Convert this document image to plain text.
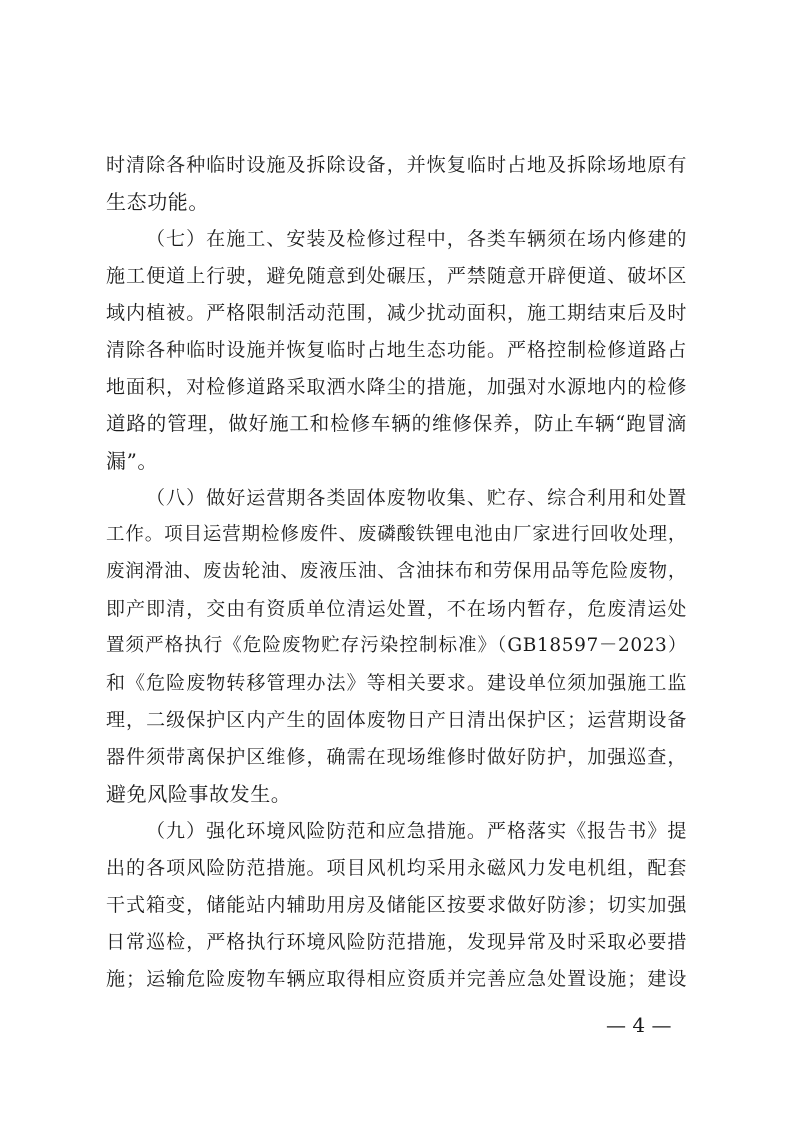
时清除各种临时设施及拆除设备，并恢复临时占地及拆除场地原有
生态功能。
（七）在施工、安装及检修过程中，各类车辆须在场内修建的
施工便道上行驶，避免随意到处碾压，严禁随意开辟便道、破坏区
域内植被。严格限制活动范围，减少扰动面积，施工期结束后及时
清除各种临时设施并恢复临时占地生态功能。严格控制检修道路占
地面积，对检修道路采取洒水降尘的措施，加强对水源地内的检修
道路的管理，做好施工和检修车辆的维修保养，防止车辆“跑冒滴
漏”。
（八）做好运营期各类固体废物收集、贮存、综合利用和处置
工作。项目运营期检修废件、废磷酸铁锂电池由厂家进行回收处理，
废润滑油、废齿轮油、废液压油、含油抹布和劳保用品等危险废物，
即产即清，交由有资质单位清运处置，不在场内暂存，危废清运处
置须严格执行《危险废物贮存污染控制标准》（GB18597－2023）
和《危险废物转移管理办法》等相关要求。建设单位须加强施工监
理，二级保护区内产生的固体废物日产日清出保护区；运营期设备
器件须带离保护区维修，确需在现场维修时做好防护，加强巡查，
避免风险事故发生。
（九）强化环境风险防范和应急措施。严格落实《报告书》提
出的各项风险防范措施。项目风机均采用永磁风力发电机组，配套
干式箱变，储能站内辅助用房及储能区按要求做好防渗；切实加强
日常巡检，严格执行环境风险防范措施，发现异常及时采取必要措
施；运输危险废物车辆应取得相应资质并完善应急处置设施；建设
— 4 —
